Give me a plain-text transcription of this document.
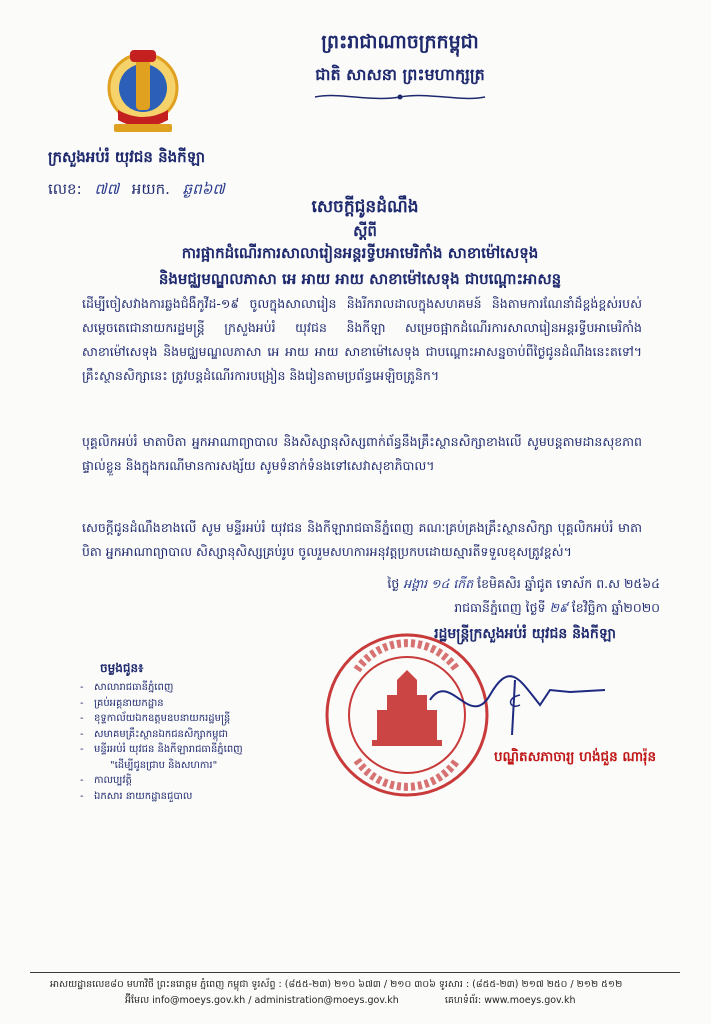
ព្រះរាជាណាចក្រកម្ពុជា
ជាតិ សាសនា ព្រះមហាក្សត្រ
ក្រសួងអប់រំ យុវជន និងកីឡា
លេខ: ៧៧ អយក. ឆ្ងព៦៧
សេចក្ដីជូនដំណឹង
ស្ដីពី
ការផ្អាកដំណើរការសាលារៀនអន្តរទ្វីបអាមេរិកាំង សាខាម៉ៅសេទុង
និងមជ្ឈមណ្ឌលភាសា អេ អាយ អាយ សាខាម៉ៅសេទុង ជាបណ្ដោះអាសន្ន
ដើម្បីចៀសវាងការឆ្លងជំងឺកូវីដ-១៩ ចូលក្នុងសាលារៀន និងរីករាលដាលក្នុងសហគមន៍ និងតាមការណែនាំដ៏ខ្ពង់ខ្ពស់របស់ សម្ដេចតេជោនាយករដ្ឋមន្ត្រី ក្រសួងអប់រំ យុវជន និងកីឡា សម្រេចផ្អាកដំណើរការសាលារៀនអន្តរទ្វីបអាមេរិកាំង សាខាម៉ៅសេទុង និងមជ្ឈមណ្ឌលភាសា អេ អាយ អាយ សាខាម៉ៅសេទុង ជាបណ្ដោះអាសន្នចាប់ពីថ្ងៃជូនដំណឹងនេះតទៅ។ គ្រឹះស្ថានសិក្សានេះ ត្រូវបន្តដំណើរការបង្រៀន និងរៀនតាមប្រព័ន្ធអេឡិចត្រូនិក។
បុគ្គលិកអប់រំ មាតាបិតា អ្នកអាណាព្យាបាល និងសិស្សានុសិស្សពាក់ព័ន្ធនឹងគ្រឹះស្ថានសិក្សាខាងលើ សូមបន្តតាមដានសុខភាពផ្ទាល់ខ្លួន និងក្នុងករណីមានការសង្ស័យ សូមទំនាក់ទំនងទៅសេវាសុខាភិបាល។
សេចក្ដីជូនដំណឹងខាងលើ សូម មន្ទីរអប់រំ យុវជន និងកីឡារាជធានីភ្នំពេញ គណៈគ្រប់គ្រងគ្រឹះស្ថានសិក្សា បុគ្គលិកអប់រំ មាតាបិតា អ្នកអាណាព្យាបាល សិស្សានុសិស្សគ្រប់រូប ចូលរួមសហការអនុវត្តប្រកបដោយស្មារតីទទួលខុសត្រូវខ្ពស់។
ថ្ងៃ អង្គារ ១៤ កើត ខែមិគសិរ ឆ្នាំជូត ទោស័ក ព.ស ២៥៦៤
រាជធានីភ្នំពេញ ថ្ងៃទី ២៩ ខែវិច្ឆិកា ឆ្នាំ២០២០
រដ្ឋមន្ត្រីក្រសួងអប់រំ យុវជន និងកីឡា
បណ្ឌិតសភាចារ្យ ហង់ជួន ណារ៉ុន
ចម្លងជូន៖
- សាលារាជធានីភ្នំពេញ
- គ្រប់អគ្គនាយកដ្ឋាន
- ខុទ្ទកាល័យឯកឧត្ដមឧបនាយករដ្ឋមន្ត្រី
- សមាគមគ្រឹះស្ថានឯកជនសិក្សាកម្ពុជា
- មន្ទីរអប់រំ យុវជន និងកីឡារាជធានីភ្នំពេញ
"ដើម្បីជូនជ្រាប និងសហការ"
- កាលប្បវត្តិ
- ឯកសារ នាយកដ្ឋានជួបាល
អាសយដ្ឋានលេខ៨០ មហាវិថី ព្រះនរោត្តម ភ្នំពេញ កម្ពុជា ទូរស័ព្ទ : (៨៥៥-២៣) ២១០ ៦៧៣ / ២១០ ៣០៦ ទូរសារ : (៨៥៥-២៣) ២១៧ ២៥០ / ២១២ ៥១២
អ៊ីមែល info@moeys.gov.kh / administration@moeys.gov.kh	គេហទំព័រ: www.moeys.gov.kh
